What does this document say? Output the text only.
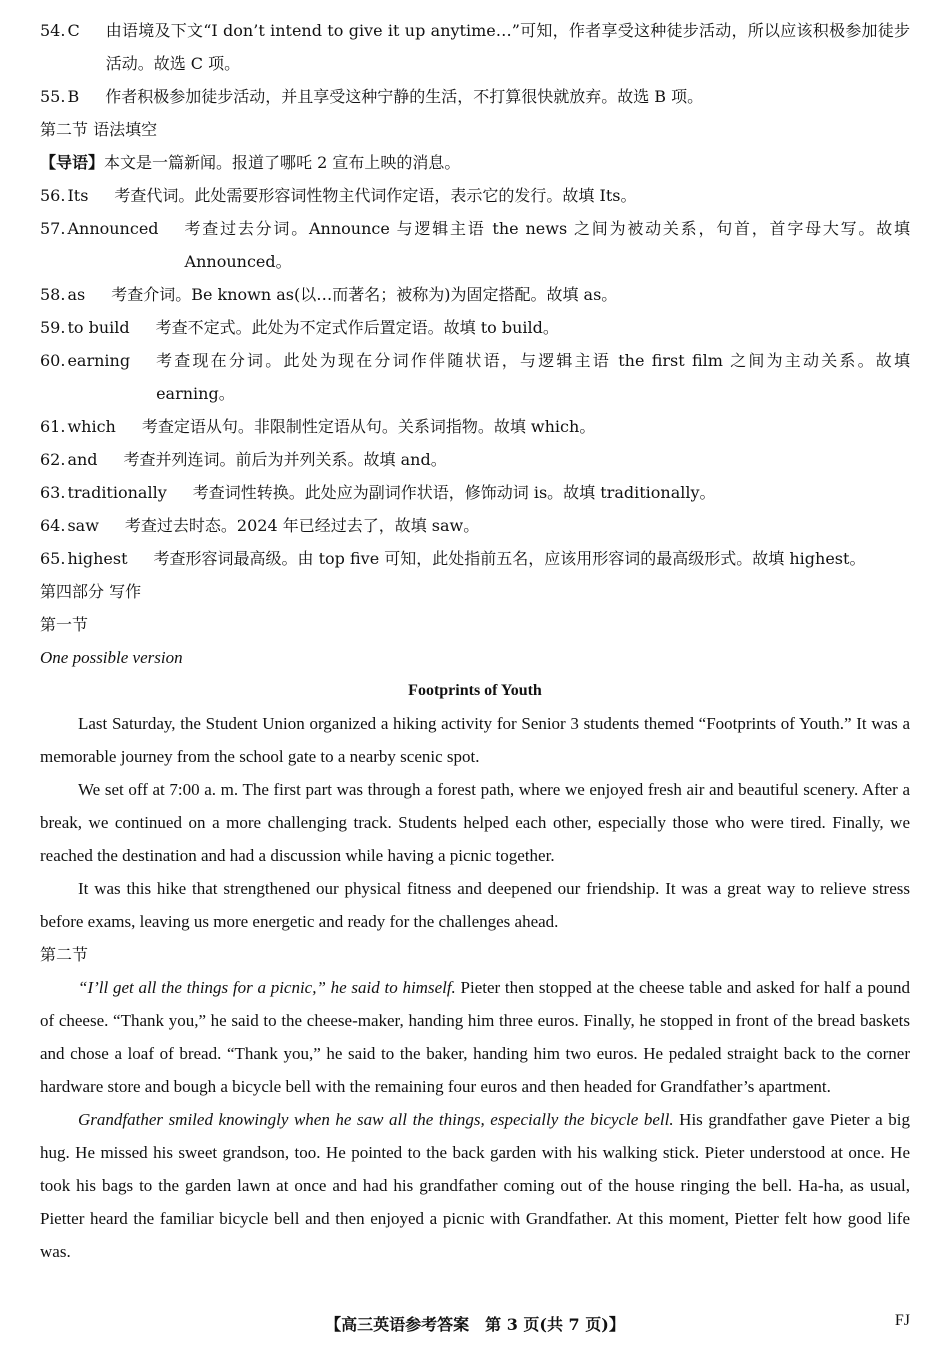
54. C	由语境及下文“I don’t intend to give it up anytime…”可知，作者享受这种徒步活动，所以应该积极参加徒步活动。故选 C 项。
55. B	作者积极参加徒步活动，并且享受这种宁静的生活，不打算很快就放弃。故选 B 项。

第二节 语法填空

【导语】本文是一篇新闻。报道了哪吒 2 宣布上映的消息。

56. Its	考查代词。此处需要形容词性物主代词作定语，表示它的发行。故填 Its。
57. Announced	考查过去分词。Announce 与逻辑主语 the news 之间为被动关系，句首，首字母大写。故填 Announced。
58. as	考查介词。Be known as(以…而著名；被称为)为固定搭配。故填 as。
59. to build	考查不定式。此处为不定式作后置定语。故填 to build。
60. earning	考查现在分词。此处为现在分词作伴随状语，与逻辑主语 the first film 之间为主动关系。故填 earning。
61. which	考查定语从句。非限制性定语从句。关系词指物。故填 which。
62. and	考查并列连词。前后为并列关系。故填 and。
63. traditionally	考查词性转换。此处应为副词作状语，修饰动词 is。故填 traditionally。
64. saw	考查过去时态。2024 年已经过去了，故填 saw。
65. highest	考查形容词最高级。由 top five 可知，此处指前五名，应该用形容词的最高级形式。故填 highest。

第四部分 写作

第一节

One possible version

Footprints of Youth

Last Saturday, the Student Union organized a hiking activity for Senior 3 students themed “Footprints of Youth.” It was a memorable journey from the school gate to a nearby scenic spot.

We set off at 7:00 a. m. The first part was through a forest path, where we enjoyed fresh air and beautiful scenery. After a break, we continued on a more challenging track. Students helped each other, especially those who were tired. Finally, we reached the destination and had a discussion while having a picnic together.

It was this hike that strengthened our physical fitness and deepened our friendship. It was a great way to relieve stress before exams, leaving us more energetic and ready for the challenges ahead.

第二节

“I’ll get all the things for a picnic,” he said to himself. Pieter then stopped at the cheese table and asked for half a pound of cheese. “Thank you,” he said to the cheese-maker, handing him three euros. Finally, he stopped in front of the bread baskets and chose a loaf of bread. “Thank you,” he said to the baker, handing him two euros. He pedaled straight back to the corner hardware store and bough a bicycle bell with the remaining four euros and then headed for Grandfather’s apartment.

Grandfather smiled knowingly when he saw all the things, especially the bicycle bell. His grandfather gave Pieter a big hug. He missed his sweet grandson, too. He pointed to the back garden with his walking stick. Pieter understood at once. He took his bags to the garden lawn at once and had his grandfather coming out of the house ringing the bell. Ha-ha, as usual, Pietter heard the familiar bicycle bell and then enjoyed a picnic with Grandfather. At this moment, Pietter felt how good life was.

【高三英语参考答案　第 3 页(共 7 页)】	FJ
